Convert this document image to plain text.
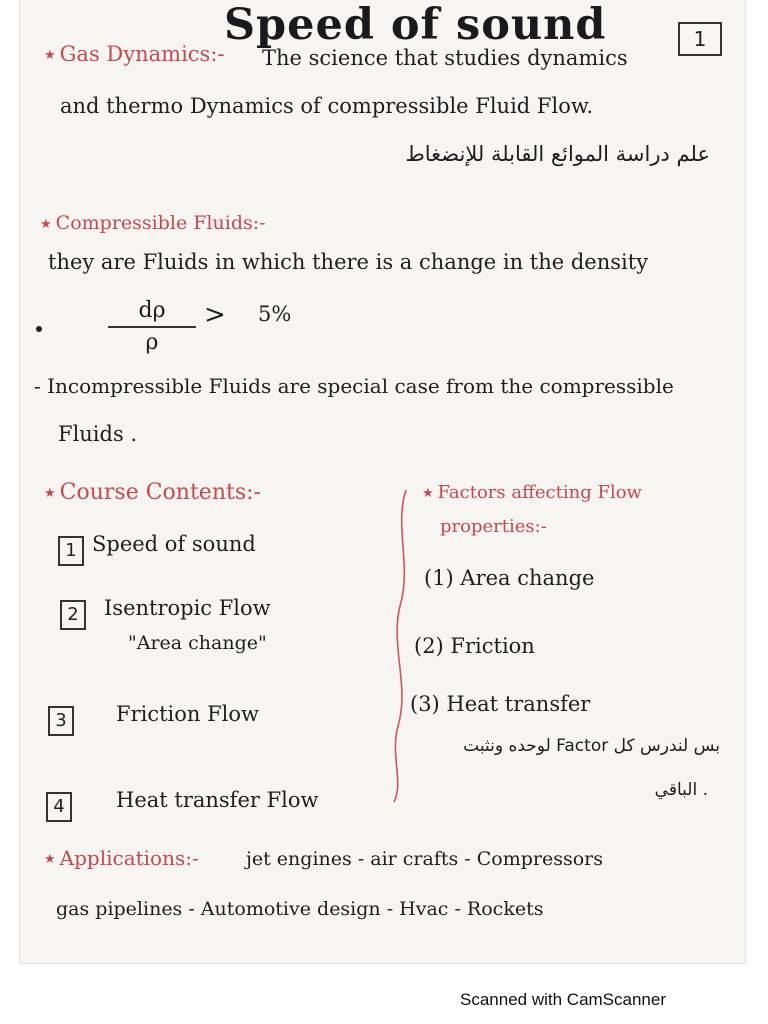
Speed of sound	1
★ Gas Dynamics:- The science that studies dynamics
and thermo Dynamics of compressible Fluid Flow.
علم دراسة الموائع القابلة للإنضغاط
★ Compressible Fluids:-
they are Fluids in which there is a change in the density
dρ
ρ
> 5%
- Incompressible Fluids are special case from the compressible
Fluids .
★ Course Contents:-
1 Speed of sound
2	Isentropic Flow
"Area change"
3	Friction Flow
4	Heat transfer Flow
★ Factors affecting Flow
properties:-
(1) Area change
(2) Friction
(3) Heat transfer
بس لندرس كل Factor لوحده ونثبت
. الباقي
★ Applications:- jet engines - air crafts - Compressors
gas pipelines - Automotive design - Hvac - Rockets
Scanned with CamScanner
